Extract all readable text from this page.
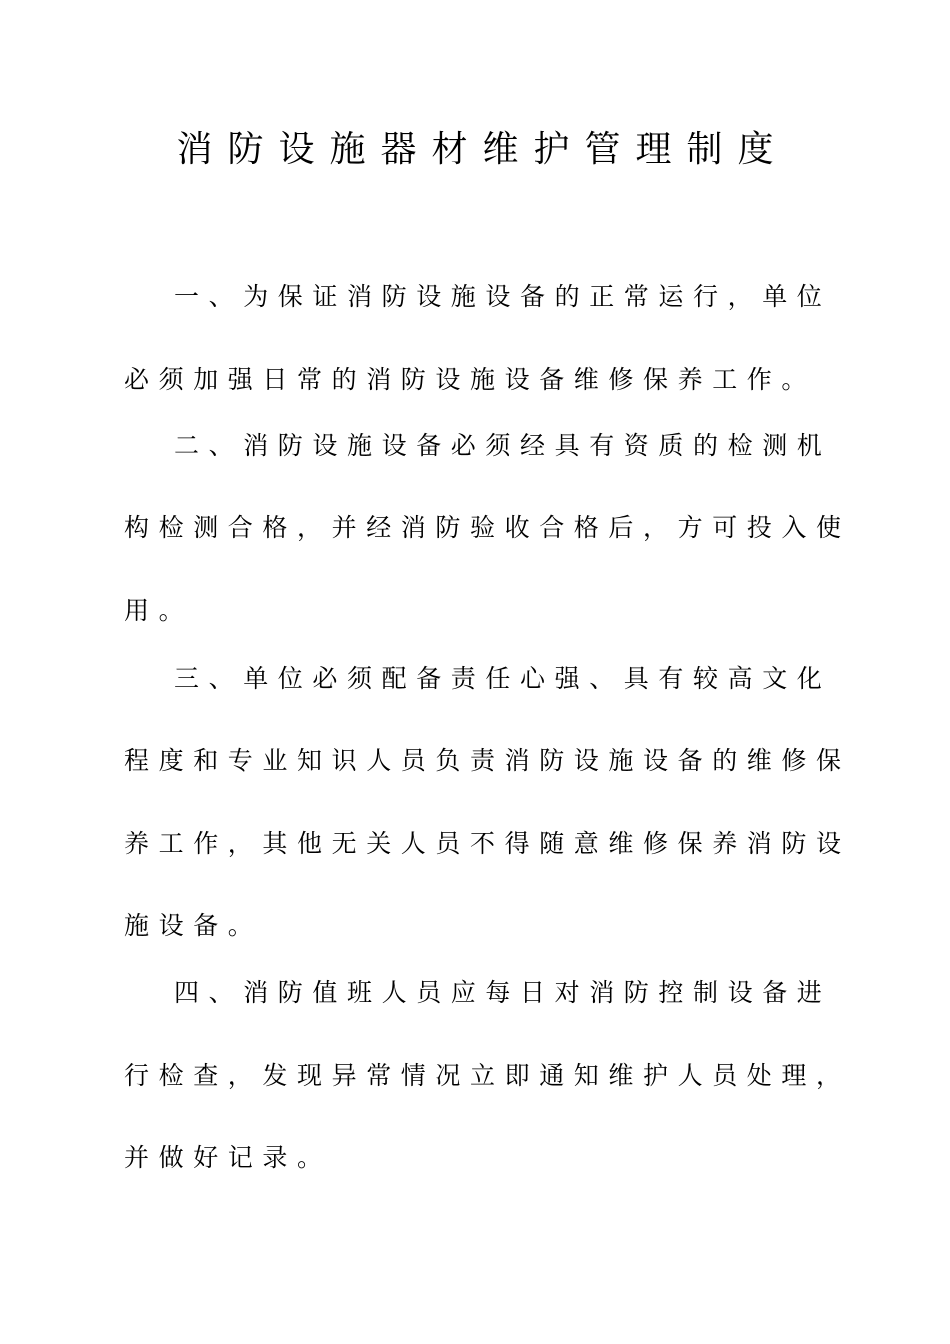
消防设施器材维护管理制度

一、为保证消防设施设备的正常运行，单位

必须加强日常的消防设施设备维修保养工作。

二、消防设施设备必须经具有资质的检测机

构检测合格，并经消防验收合格后，方可投入使

用。

三、单位必须配备责任心强、具有较高文化

程度和专业知识人员负责消防设施设备的维修保

养工作，其他无关人员不得随意维修保养消防设

施设备。

四、消防值班人员应每日对消防控制设备进

行检查，发现异常情况立即通知维护人员处理，

并做好记录。
